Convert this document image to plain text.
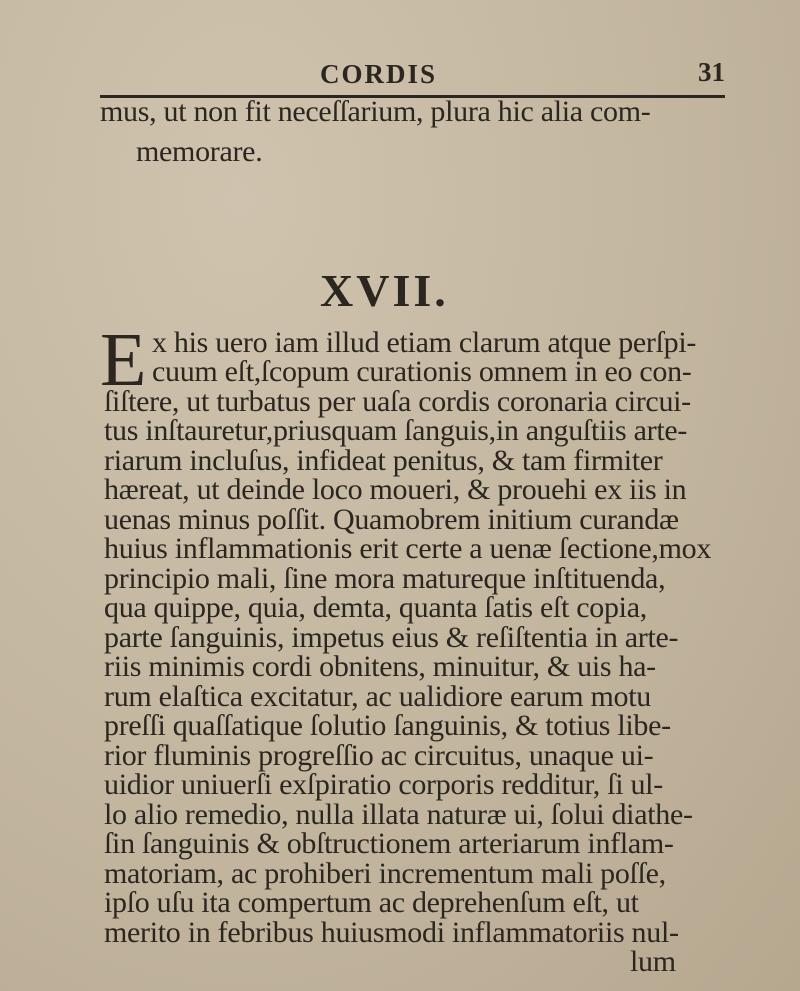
CORDIS	31
mus, ut non fit neceſſarium, plura hic alia com-
memorare.
XVII.
E x his uero iam illud etiam clarum atque perſpi-
cuum eſt,ſcopum curationis omnem in eo con-
ſiſtere, ut turbatus per uaſa cordis coronaria circui-
tus inſtauretur,priusquam ſanguis,in anguſtiis arte-
riarum incluſus, infideat penitus, & tam firmiter
hæreat, ut deinde loco moueri, & prouehi ex iis in
uenas minus poſſit. Quamobrem initium curandæ
huius inflammationis erit certe a uenæ ſectione,mox
principio mali, ſine mora matureque inſtituenda,
qua quippe, quia, demta, quanta ſatis eſt copia,
parte ſanguinis, impetus eius & reſiſtentia in arte-
riis minimis cordi obnitens, minuitur, & uis ha-
rum elaſtica excitatur, ac ualidiore earum motu
preſſi quaſſatique ſolutio ſanguinis, & totius libe-
rior fluminis progreſſio ac circuitus, unaque ui-
uidior uniuerſi exſpiratio corporis redditur, ſi ul-
lo alio remedio, nulla illata naturæ ui, ſolui diathe-
ſin ſanguinis & obſtructionem arteriarum inflam-
matoriam, ac prohiberi incrementum mali poſſe,
ipſo uſu ita compertum ac deprehenſum eſt, ut
merito in febribus huiusmodi inflammatoriis nul-
lum
